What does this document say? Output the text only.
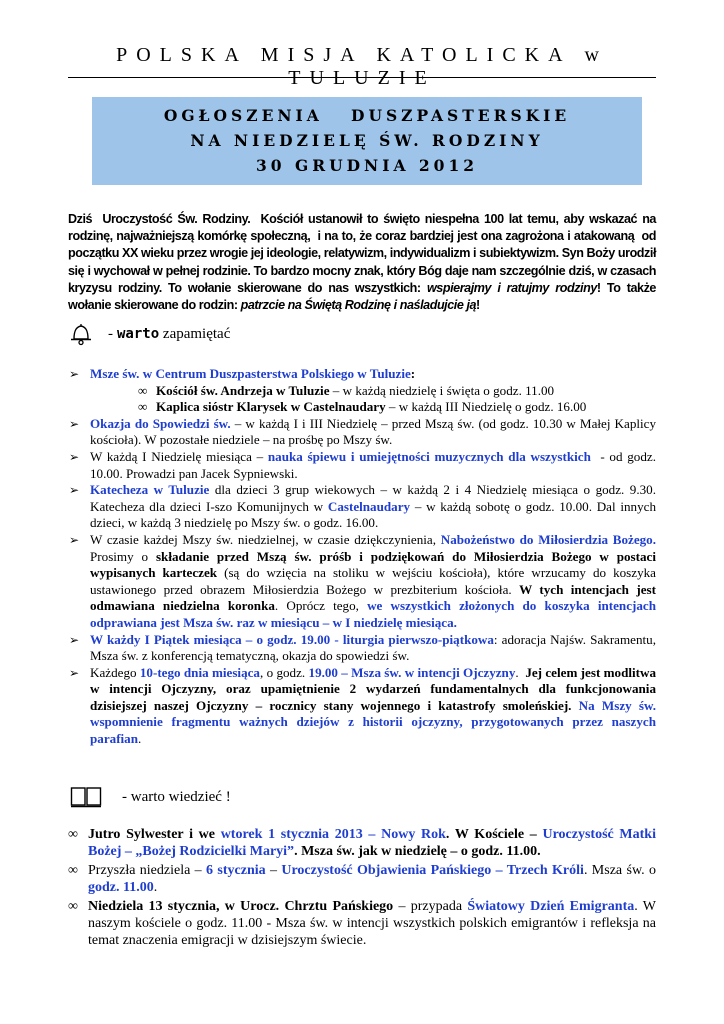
POLSKA MISJA KATOLICKA w TULUZIE
OGŁOSZENIA   DUSZPASTERSKIE
NA NIEDZIELĘ ŚW. RODZINY
30 GRUDNIA 2012
Dziś  Uroczystość Św. Rodziny.  Kościół ustanowił to święto niespełna 100 lat temu, aby wskazać na rodzinę, najważniejszą komórkę społeczną,  i na to, że coraz bardziej jest ona zagrożona i atakowaną  od początku XX wieku przez wrogie jej ideologie, relatywizm, indywidualizm i subiektywizm. Syn Boży urodził się i wychował w pełnej rodzinie. To bardzo mocny znak, który Bóg daje nam szczególnie dziś, w czasach kryzysu rodziny. To wołanie skierowane do nas wszystkich: wspierajmy i ratujmy rodziny! To także wołanie skierowane do rodzin: patrzcie na Świętą Rodzinę i naśladujcie ją!
- warto zapamiętać
➢ Msze św. w Centrum Duszpasterstwa Polskiego w Tuluzie:
∞ Kościół św. Andrzeja w Tuluzie – w każdą niedzielę i święta o godz. 11.00
∞ Kaplica sióstr Klarysek w Castelnaudary – w każdą III Niedzielę o godz. 16.00
➢ Okazja do Spowiedzi św. – w każdą I i III Niedzielę – przed Mszą św. (od godz. 10.30 w Małej Kaplicy kościoła). W pozostałe niedziele – na prośbę po Mszy św.
➢ W każdą I Niedzielę miesiąca – nauka śpiewu i umiejętności muzycznych dla wszystkich  - od godz. 10.00. Prowadzi pan Jacek Sypniewski.
➢ Katecheza w Tuluzie dla dzieci 3 grup wiekowych – w każdą 2 i 4 Niedzielę miesiąca o godz. 9.30. Katecheza dla dzieci I-szo Komunijnych w Castelnaudary – w każdą sobotę o godz. 10.00. Dal innych dzieci, w każdą 3 niedzielę po Mszy św. o godz. 16.00.
➢ W czasie każdej Mszy św. niedzielnej, w czasie dziękczynienia, Nabożeństwo do Miłosierdzia Bożego. Prosimy o składanie przed Mszą św. próśb i podziękowań do Miłosierdzia Bożego w postaci wypisanych karteczek (są do wzięcia na stoliku w wejściu kościoła), które wrzucamy do koszyka ustawionego przed obrazem Miłosierdzia Bożego w prezbiterium kościoła. W tych intencjach jest odmawiana niedzielna koronka. Oprócz tego, we wszystkich złożonych do koszyka intencjach odprawiana jest Msza św. raz w miesiącu – w I niedzielę miesiąca.
➢ W każdy I Piątek miesiąca – o godz. 19.00 - liturgia pierwszo-piątkowa: adoracja Najśw. Sakramentu, Msza św. z konferencją tematyczną, okazja do spowiedzi św.
➢ Każdego 10-tego dnia miesiąca, o godz. 19.00 – Msza św. w intencji Ojczyzny.  Jej celem jest modlitwa w intencji Ojczyzny, oraz upamiętnienie 2 wydarzeń fundamentalnych dla funkcjonowania dzisiejszej naszej Ojczyzny – rocznicy stany wojennego i katastrofy smoleńskiej. Na Mszy św. wspomnienie fragmentu ważnych dziejów z historii ojczyzny, przygotowanych przez naszych parafian.
- warto wiedzieć !
∞ Jutro Sylwester i we wtorek 1 stycznia 2013 – Nowy Rok. W Kościele – Uroczystość Matki Bożej – „Bożej Rodzicielki Maryi”. Msza św. jak w niedzielę – o godz. 11.00.
∞ Przyszła niedziela – 6 stycznia – Uroczystość Objawienia Pańskiego – Trzech Króli. Msza św. o godz. 11.00.
∞ Niedziela 13 stycznia, w Urocz. Chrztu Pańskiego – przypada Światowy Dzień Emigranta. W naszym kościele o godz. 11.00 - Msza św. w intencji wszystkich polskich emigrantów i refleksja na temat znaczenia emigracji w dzisiejszym świecie.
